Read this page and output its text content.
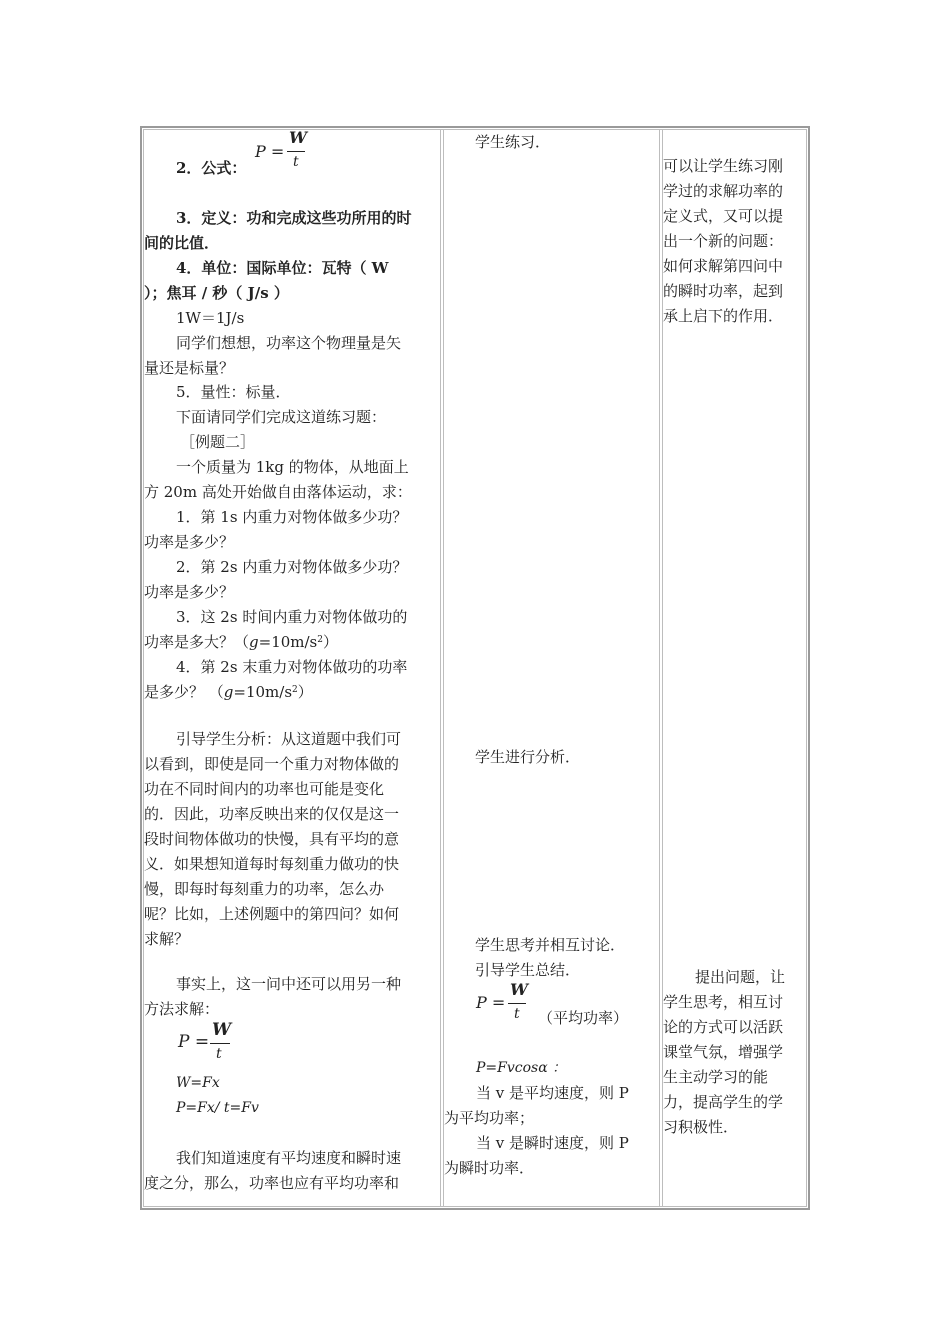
P =
W
t
2．公式：
3．定义：功和完成这些功所用的时
间的比值．
4．单位：国际单位：瓦特（ W
）；焦耳 / 秒（ J/s ）
1W＝1J/s
同学们想想，功率这个物理量是矢
量还是标量？
5．量性：标量．
下面请同学们完成这道练习题：
［例题二］
一个质量为 1kg 的物体，从地面上
方 20m 高处开始做自由落体运动，求：
1．第 1s 内重力对物体做多少功？
功率是多少？
2．第 2s 内重力对物体做多少功？
功率是多少？
3．这 2s 时间内重力对物体做功的
功率是多大？$(g=10m/s^2)$
4．第 2s 末重力对物体做功的功率
是多少？ $(g=10m/s^2)$
引导学生分析：从这道题中我们可
以看到，即使是同一个重力对物体做的
功在不同时间内的功率也可能是变化
的．因此，功率反映出来的仅仅是这一
段时间物体做功的快慢，具有平均的意
义．如果想知道每时每刻重力做功的快
慢，即每时每刻重力的功率，怎么办
呢？比如，上述例题中的第四问？如何
求解？
事实上，这一问中还可以用另一种
方法求解：
P =
W
t
W=Fx
P=Fx/ t=Fv
我们知道速度有平均速度和瞬时速
度之分，那么，功率也应有平均功率和
学生练习．
学生进行分析．
学生思考并相互讨论．
引导学生总结．
P =
W
t （平均功率）
P=Fvcosα ：
当 v 是平均速度，则 P
为平均功率；
当 v 是瞬时速度，则 P
为瞬时功率．
可以让学生练习刚
学过的求解功率的
定义式，又可以提
出一个新的问题：
如何求解第四问中
的瞬时功率，起到
承上启下的作用．
提出问题，让
学生思考，相互讨
论的方式可以活跃
课堂气氛，增强学
生主动学习的能
力，提高学生的学
习积极性．
